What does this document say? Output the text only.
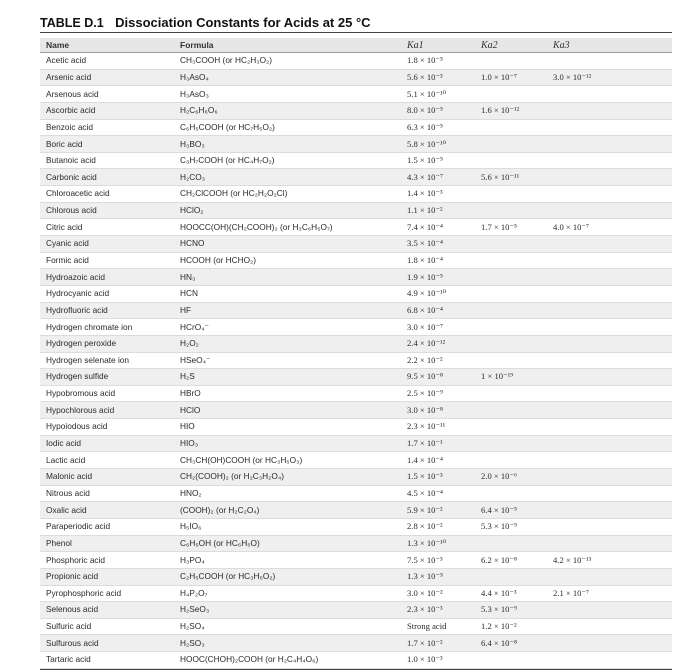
TABLE D.1 Dissociation Constants for Acids at 25 °C
Name	Formula	Ka1	Ka2	Ka3
Acetic acid	CH₃COOH (or HC₂H₃O₂)	1.8 × 10⁻⁵		
Arsenic acid	H₃AsO₄	5.6 × 10⁻³	1.0 × 10⁻⁷	3.0 × 10⁻¹²
Arsenous acid	H₃AsO₃	5.1 × 10⁻¹⁰		
Ascorbic acid	H₂C₆H₆O₆	8.0 × 10⁻⁵	1.6 × 10⁻¹²	
Benzoic acid	C₆H₅COOH (or HC₇H₅O₂)	6.3 × 10⁻⁵		
Boric acid	H₃BO₃	5.8 × 10⁻¹⁰		
Butanoic acid	C₃H₇COOH (or HC₄H₇O₂)	1.5 × 10⁻⁵		
Carbonic acid	H₂CO₃	4.3 × 10⁻⁷	5.6 × 10⁻¹¹	
Chloroacetic acid	CH₂ClCOOH (or HC₂H₂O₂Cl)	1.4 × 10⁻³		
Chlorous acid	HClO₂	1.1 × 10⁻²		
Citric acid	HOOCC(OH)(CH₂COOH)₂ (or H₃C₆H₅O₇)	7.4 × 10⁻⁴	1.7 × 10⁻⁵	4.0 × 10⁻⁷
Cyanic acid	HCNO	3.5 × 10⁻⁴		
Formic acid	HCOOH (or HCHO₂)	1.8 × 10⁻⁴		
Hydroazoic acid	HN₃	1.9 × 10⁻⁵		
Hydrocyanic acid	HCN	4.9 × 10⁻¹⁰		
Hydrofluoric acid	HF	6.8 × 10⁻⁴		
Hydrogen chromate ion	HCrO₄⁻	3.0 × 10⁻⁷		
Hydrogen peroxide	H₂O₂	2.4 × 10⁻¹²		
Hydrogen selenate ion	HSeO₄⁻	2.2 × 10⁻²		
Hydrogen sulfide	H₂S	9.5 × 10⁻⁸	1 × 10⁻¹⁹	
Hypobromous acid	HBrO	2.5 × 10⁻⁹		
Hypochlorous acid	HClO	3.0 × 10⁻⁸		
Hypoiodous acid	HIO	2.3 × 10⁻¹¹		
Iodic acid	HIO₃	1.7 × 10⁻¹		
Lactic acid	CH₃CH(OH)COOH (or HC₃H₅O₃)	1.4 × 10⁻⁴		
Malonic acid	CH₂(COOH)₂ (or H₂C₃H₂O₄)	1.5 × 10⁻³	2.0 × 10⁻⁶	
Nitrous acid	HNO₂	4.5 × 10⁻⁴		
Oxalic acid	(COOH)₂ (or H₂C₂O₄)	5.9 × 10⁻²	6.4 × 10⁻⁵	
Paraperiodic acid	H₅IO₆	2.8 × 10⁻²	5.3 × 10⁻⁹	
Phenol	C₆H₅OH (or HC₆H₅O)	1.3 × 10⁻¹⁰		
Phosphoric acid	H₃PO₄	7.5 × 10⁻³	6.2 × 10⁻⁸	4.2 × 10⁻¹³
Propionic acid	C₂H₅COOH (or HC₃H₅O₂)	1.3 × 10⁻⁵		
Pyrophosphoric acid	H₄P₂O₇	3.0 × 10⁻²	4.4 × 10⁻³	2.1 × 10⁻⁷
Selenous acid	H₂SeO₃	2.3 × 10⁻³	5.3 × 10⁻⁹	
Sulfuric acid	H₂SO₄	Strong acid	1.2 × 10⁻²	
Sulfurous acid	H₂SO₃	1.7 × 10⁻²	6.4 × 10⁻⁸	
Tartaric acid	HOOC(CHOH)₂COOH (or H₂C₄H₄O₆)	1.0 × 10⁻³		
